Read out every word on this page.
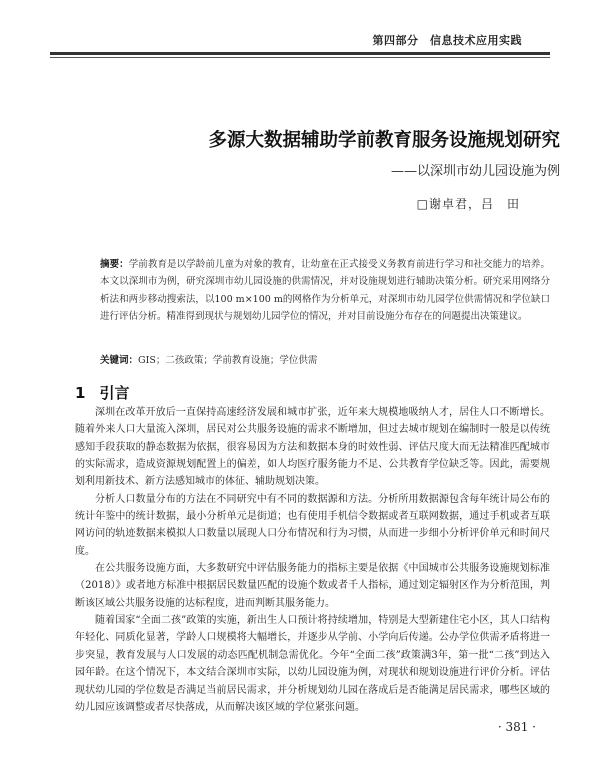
第四部分　信息技术应用实践
多源大数据辅助学前教育服务设施规划研究
——以深圳市幼儿园设施为例
□谢卓君，吕　田
摘要：学前教育是以学龄前儿童为对象的教育，让幼童在正式接受义务教育前进行学习和社交能力的培养。本文以深圳市为例，研究深圳市幼儿园设施的供需情况，并对设施规划进行辅助决策分析。研究采用网络分析法和两步移动搜索法，以100 m×100 m的网格作为分析单元，对深圳市幼儿园学位供需情况和学位缺口进行评估分析。精准得到现状与规划幼儿园学位的情况，并对目前设施分布存在的问题提出决策建议。
关键词：GIS；二孩政策；学前教育设施；学位供需
1 引言

深圳在改革开放后一直保持高速经济发展和城市扩张，近年来大规模地吸纳人才，居住人口不断增长。随着外来人口大量流入深圳，居民对公共服务设施的需求不断增加，但过去城市规划在编制时一般是以传统感知手段获取的静态数据为依据，很容易因为方法和数据本身的时效性弱、评估尺度大而无法精准匹配城市的实际需求，造成资源规划配置上的偏差，如人均医疗服务能力不足、公共教育学位缺乏等。因此，需要规划利用新技术、新方法感知城市的体征、辅助规划决策。

分析人口数量分布的方法在不同研究中有不同的数据源和方法。分析所用数据源包含每年统计局公布的统计年鉴中的统计数据，最小分析单元是街道；也有使用手机信令数据或者互联网数据，通过手机或者互联网访问的轨迹数据来模拟人口数量以展现人口分布情况和行为习惯，从而进一步细小分析评价单元和时间尺度。

在公共服务设施方面，大多数研究中评估服务能力的指标主要是依据《中国城市公共服务设施规划标准（2018）》或者地方标准中根据居民数量匹配的设施个数或者千人指标，通过划定辐射区作为分析范围，判断该区域公共服务设施的达标程度，进而判断其服务能力。

随着国家“全面二孩”政策的实施，新出生人口预计将持续增加，特别是大型新建住宅小区，其人口结构年轻化、同质化显著，学龄人口规模将大幅增长，并逐步从学前、小学向后传递。公办学位供需矛盾将进一步突显，教育发展与人口发展的动态匹配机制急需优化。今年“全面二孩”政策满3年，第一批“二孩”到达入园年龄。在这个情况下，本文结合深圳市实际，以幼儿园设施为例，对现状和规划设施进行评价分析。评估现状幼儿园的学位数是否满足当前居民需求，并分析规划幼儿园在落成后是否能满足居民需求，哪些区域的幼儿园应该调整或者尽快落成，从而解决该区域的学位紧张问题。

· 381 ·
